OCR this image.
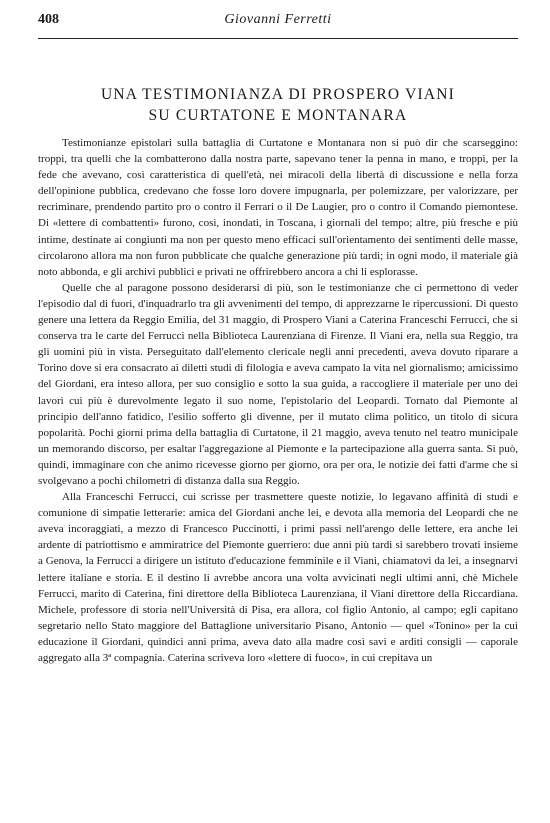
408	Giovanni Ferretti
UNA TESTIMONIANZA DI PROSPERO VIANI
SU CURTATONE E MONTANARA

Testimonianze epistolari sulla battaglia di Curtatone e Montanara non si può dir che scarseggino: troppi, tra quelli che la combatterono dalla nostra parte, sapevano tener la penna in mano, e troppi, per la fede che avevano, così caratteristica di quell'età, nei miracoli della libertà di discussione e nella forza dell'opinione pubblica, credevano che fosse loro dovere impugnarla, per polemizzare, per valorizzare, per recriminare, prendendo partito pro o contro il Ferrari o il De Laugier, pro o contro il Comando piemontese. Di «lettere di combattenti» furono, così, inondati, in Toscana, i giornali del tempo; altre, più fresche e più intime, destinate ai congiunti ma non per questo meno efficaci sull'orientamento dei sentimenti delle masse, circolarono allora ma non furon pubblicate che qualche generazione più tardi; in ogni modo, il materiale già noto abbonda, e gli archivi pubblici e privati ne offrirebbero ancora a chi li esplorasse.

Quelle che al paragone possono desiderarsi di più, son le testimonianze che ci permettono di veder l'episodio dal di fuori, d'inquadrarlo tra gli avvenimenti del tempo, di apprezzarne le ripercussioni. Di questo genere una lettera da Reggio Emilia, del 31 maggio, di Prospero Viani a Caterina Franceschi Ferrucci, che si conserva tra le carte del Ferrucci nella Biblioteca Laurenziana di Firenze. Il Viani era, nella sua Reggio, tra gli uomini più in vista. Perseguitato dall'elemento clericale negli anni precedenti, aveva dovuto riparare a Torino dove si era consacrato ai diletti studi di filologia e aveva campato la vita nel giornalismo; amicissimo del Giordani, era inteso allora, per suo consiglio e sotto la sua guida, a raccogliere il materiale per uno dei lavori cui più è durevolmente legato il suo nome, l'epistolario del Leopardi. Tornato dal Piemonte al principio dell'anno fatidico, l'esilio sofferto gli divenne, per il mutato clima politico, un titolo di sicura popolarità. Pochi giorni prima della battaglia di Curtatone, il 21 maggio, aveva tenuto nel teatro municipale un memorando discorso, per esaltar l'aggregazione al Piemonte e la partecipazione alla guerra santa. Si può, quindi, immaginare con che animo ricevesse giorno per giorno, ora per ora, le notizie dei fatti d'arme che si svolgevano a pochi chilometri di distanza dalla sua Reggio.

Alla Franceschi Ferrucci, cui scrisse per trasmettere queste notizie, lo legavano affinità di studi e comunione di simpatie letterarie: amica del Giordani anche lei, e devota alla memoria del Leopardi che ne aveva incoraggiati, a mezzo di Francesco Puccinotti, i primi passi nell'arengo delle lettere, era anche lei ardente di patriottismo e ammiratrice del Piemonte guerriero: due anni più tardi si sarebbero trovati insieme a Genova, la Ferrucci a dirigere un istituto d'educazione femminile e il Viani, chiamatovi da lei, a insegnarvi lettere italiane e storia. E il destino li avrebbe ancora una volta avvicinati negli ultimi anni, chè Michele Ferrucci, marito di Caterina, fini direttore della Biblioteca Laurenziana, il Viani direttore della Riccardiana. Michele, professore di storia nell'Università di Pisa, era allora, col figlio Antonio, al campo; egli capitano segretario nello Stato maggiore del Battaglione universitario Pisano, Antonio — quel «Tonino» per la cui educazione il Giordani, quindici anni prima, aveva dato alla madre così savi e arditi consigli — caporale aggregato alla 3ª compagnia. Caterina scriveva loro «lettere di fuoco», in cui crepitava un
